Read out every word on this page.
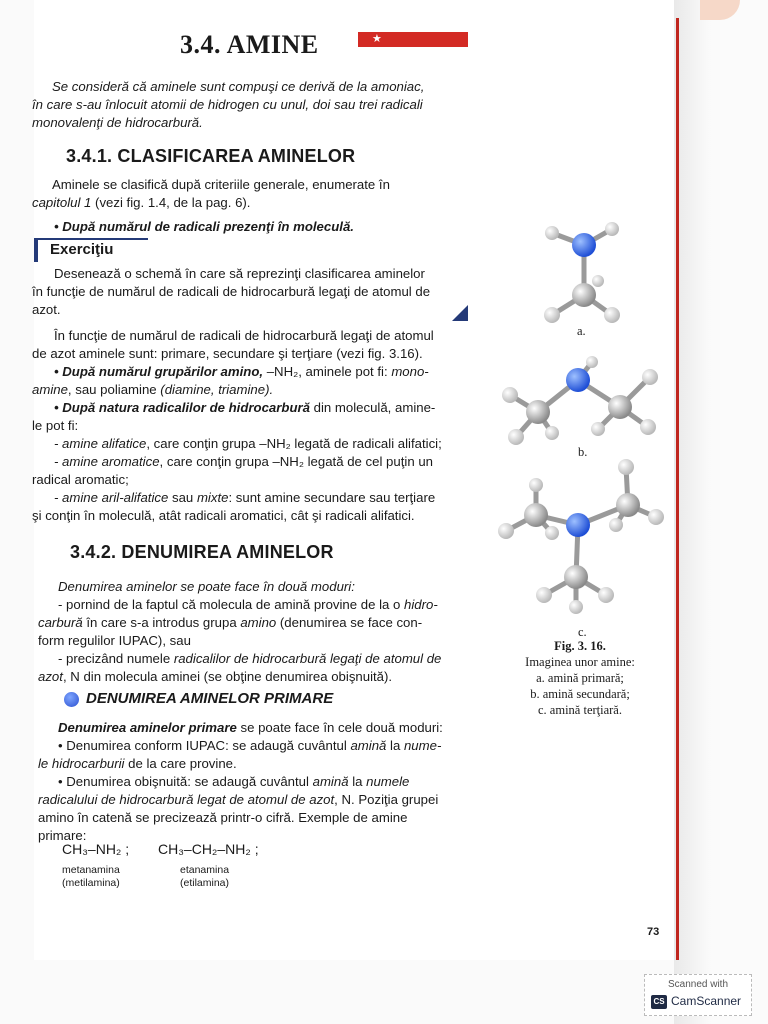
3.4. AMINE	★

Se consideră că aminele sunt compuşi ce derivă de la amoniac,

în care s-au înlocuit atomii de hidrogen cu unul, doi sau trei radicali

monovalenţi de hidrocarbură.

3.4.1. CLASIFICAREA AMINELOR

Aminele se clasifică după criteriile generale, enumerate în

capitolul 1 (vezi fig. 1.4, de la pag. 6).

• După numărul de radicali prezenţi în moleculă.

Exerciţiu

Desenează o schemă în care să reprezinţi clasificarea aminelor

în funcţie de numărul de radicali de hidrocarbură legaţi de atomul de

azot.

În funcţie de numărul de radicali de hidrocarbură legaţi de atomul

de azot aminele sunt: primare, secundare şi terţiare (vezi fig. 3.16).

• După numărul grupărilor amino, –NH₂, aminele pot fi: mono-

amine, sau poliamine (diamine, triamine).

• După natura radicalilor de hidrocarbură din moleculă, amine-

le pot fi:

- amine alifatice, care conţin grupa –NH₂ legată de radicali alifatici;

- amine aromatice, care conţin grupa –NH₂ legată de cel puţin un

radical aromatic;

- amine aril-alifatice sau mixte: sunt amine secundare sau terţiare

şi conţin în moleculă, atât radicali aromatici, cât şi radicali alifatici.

3.4.2. DENUMIREA AMINELOR

Denumirea aminelor se poate face în două moduri:

- pornind de la faptul că molecula de amină provine de la o hidro-

carbură în care s-a introdus grupa amino (denumirea se face con-

form regulilor IUPAC), sau

- precizând numele radicalilor de hidrocarbură legaţi de atomul de

azot, N din molecula aminei (se obţine denumirea obişnuită).

DENUMIREA AMINELOR PRIMARE

Denumirea aminelor primare se poate face în cele două moduri:

• Denumirea conform IUPAC: se adaugă cuvântul amină la nume-

le hidrocarburii de la care provine.

• Denumirea obişnuită: se adaugă cuvântul amină la numele

radicalului de hidrocarbură legat de atomul de azot, N. Poziţia grupei

amino în catenă se precizează printr-o cifră. Exemple de amine

primare:

CH₃–NH₂ ; CH₃–CH₂–NH₂ ;
metanamina
(metilamina)
etanamina
(etilamina)
a.
b.
c.
Fig. 3. 16.
Imaginea unor amine:
a. amină primară;
b. amină secundară;
c. amină terţiară.
73
Scanned with
CS CamScanner
